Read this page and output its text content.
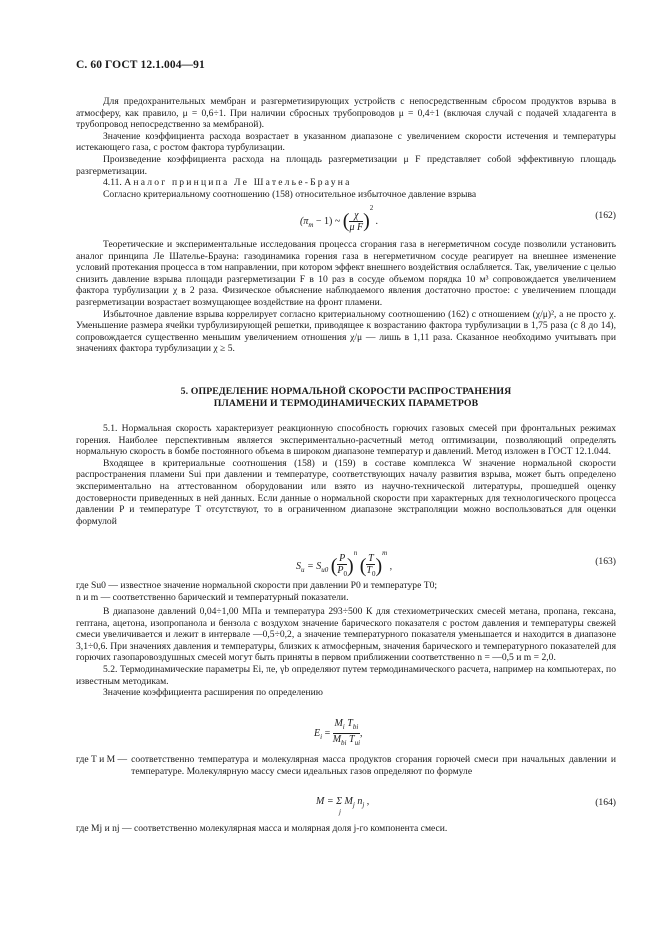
С. 60 ГОСТ 12.1.004—91

Для предохранительных мембран и разгерметизирующих устройств с непосредственным сбросом продуктов взрыва в атмосферу, как правило, μ = 0,6÷1. При наличии сбросных трубопроводов μ = 0,4÷1 (включая случай с подачей хладагента в трубопровод непосредственно за мембраной).

Значение коэффициента расхода возрастает в указанном диапазоне с увеличением скорости истечения и температуры истекающего газа, с ростом фактора турбулизации.

Произведение коэффициента расхода на площадь разгерметизации μ F представляет собой эффективную площадь разгерметизации.

4.11. Аналог принципа Ле Шателье-Брауна

Согласно критериальному соотношению (158) относительное избыточное давление взрыва

$(\pi_m - 1)$ ~ ( $\frac{\chi}{\text{μ F}} )^2$ .
(162)

Теоретические и экспериментальные исследования процесса сгорания газа в негерметичном сосуде позволили установить аналог принципа Ле Шателье-Брауна: газодинамика горения газа в негерметичном сосуде реагирует на внешнее изменение условий протекания процесса в том направлении, при котором эффект внешнего воздействия ослабляется. Так, увеличение с целью снизить давление взрыва площади разгерметизации F в 10 раз в сосуде объемом порядка 10 м³ сопровождается увеличением фактора турбулизации χ в 2 раза. Физическое объяснение наблюдаемого явления достаточно простое: с увеличением площади разгерметизации возрастает возмущающее воздействие на фронт пламени.

Избыточное давление взрыва коррелирует согласно критериальному соотношению (162) с отношением (χ/μ)², а не просто χ. Уменьшение размера ячейки турбулизирующей решетки, приводящее к возрастанию фактора турбулизации в 1,75 раза (с 8 до 14), сопровождается существенно меньшим увеличением отношения χ/μ — лишь в 1,11 раза. Сказанное необходимо учитывать при значениях фактора турбулизации χ ≥ 5.

5. ОПРЕДЕЛЕНИЕ НОРМАЛЬНОЙ СКОРОСТИ РАСПРОСТРАНЕНИЯ
ПЛАМЕНИ И ТЕРМОДИНАМИЧЕСКИХ ПАРАМЕТРОВ

5.1. Нормальная скорость характеризует реакционную способность горючих газовых смесей при фронтальных режимах горения. Наиболее перспективным является экспериментально-расчетный метод оптимизации, позволяющий определять нормальную скорость в бомбе постоянного объема в широком диапазоне температур и давлений. Метод изложен в ГОСТ 12.1.044.

Входящее в критериальные соотношения (158) и (159) в составе комплекса W значение нормальной скорости распространения пламени Sui при давлении и температуре, соответствующих началу развития взрыва, может быть определено экспериментально на аттестованном оборудовании или взято из научно-технической литературы, прошедшей оценку достоверности приведенных в ней данных. Если данные о нормальной скорости при характерных для технологического процесса давлении P и температуре T отсутствуют, то в ограниченном диапазоне экстраполяции можно воспользоваться для оценки формулой

$S_u = S_{u0}$ ( $\frac{P}{P_0} )^n$ ( $\frac{T}{T_0} )^m$ ,	(163)
где Su0 — известное значение нормальной скорости при давлении P0 и температуре T0;
n и m — соответственно барический и температурный показатели.

В диапазоне давлений 0,04÷1,00 МПа и температура 293÷500 К для стехиометрических смесей метана, пропана, гексана, гептана, ацетона, изопропанола и бензола с воздухом значение барического показателя с ростом давления и температуры свежей смеси увеличивается и лежит в интервале —0,5÷0,2, а значение температурного показателя уменьшается и находится в диапазоне 3,1÷0,6. При значениях давления и температуры, близких к атмосферным, значения барического и температурного показателей для горючих газопаровоздушных смесей могут быть приняты в первом приближении соответственно n = —0,5 и m = 2,0.

5.2. Термодинамические параметры Ei, πe, γb определяют путем термодинамического расчета, например на компьютерах, по известным методикам.

Значение коэффициента расширения по определению

$E_i = \frac{M_i T_{bi}}{M_{bi} T_{ui}}$ ,
где T и M — соответственно температура и молекулярная масса продуктов сгорания горючей смеси при начальных давлении и температуре. Молекулярную массу смеси идеальных газов определяют по формуле
M = Σ $M_j$ $n_j$ ,
j
(164)
где Mj и nj — соответственно молекулярная масса и молярная доля j-го компонента смеси.
